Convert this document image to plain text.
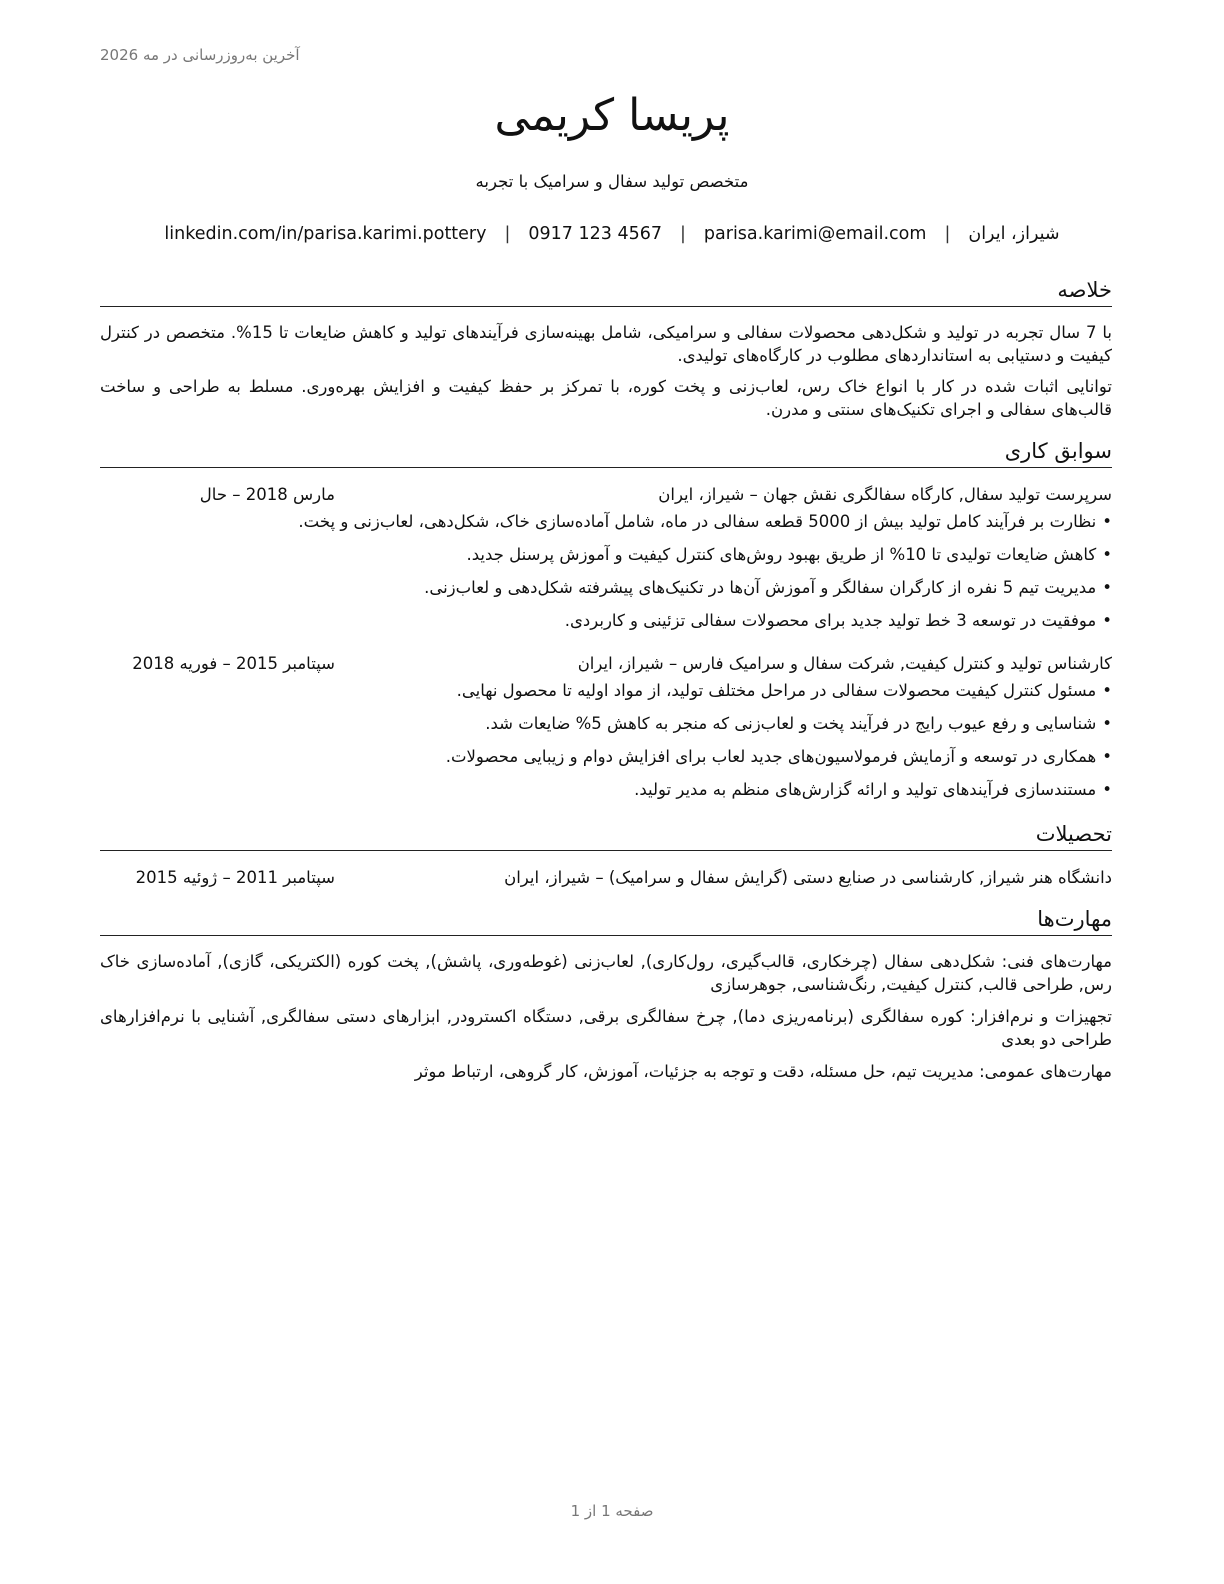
آخرین به‌روزرسانی در مه 2026
پریسا کریمی
متخصص تولید سفال و سرامیک با تجربه
شیراز، ایران
|
parisa.karimi@email.com
|
0917 123 4567
|
linkedin.com/in/parisa.karimi.pottery
خلاصه

با 7 سال تجربه در تولید و شکل‌دهی محصولات سفالی و سرامیکی، شامل بهینه‌سازی فرآیندهای تولید و کاهش ضایعات تا 15%. متخصص در کنترل کیفیت و دستیابی به استانداردهای مطلوب در کارگاه‌های تولیدی.

توانایی اثبات شده در کار با انواع خاک رس، لعاب‌زنی و پخت کوره، با تمرکز بر حفظ کیفیت و افزایش بهره‌وری. مسلط به طراحی و ساخت قالب‌های سفالی و اجرای تکنیک‌های سنتی و مدرن.

سوابق کاری
سرپرست تولید سفال, کارگاه سفالگری نقش جهان – شیراز، ایران
مارس 2018 – حال
•نظارت بر فرآیند کامل تولید بیش از 5000 قطعه سفالی در ماه، شامل آماده‌سازی خاک، شکل‌دهی، لعاب‌زنی و پخت.
•کاهش ضایعات تولیدی تا 10% از طریق بهبود روش‌های کنترل کیفیت و آموزش پرسنل جدید.
•مدیریت تیم 5 نفره از کارگران سفالگر و آموزش آن‌ها در تکنیک‌های پیشرفته شکل‌دهی و لعاب‌زنی.
•موفقیت در توسعه 3 خط تولید جدید برای محصولات سفالی تزئینی و کاربردی.
کارشناس تولید و کنترل کیفیت, شرکت سفال و سرامیک فارس – شیراز، ایران
سپتامبر 2015 – فوریه 2018
•مسئول کنترل کیفیت محصولات سفالی در مراحل مختلف تولید، از مواد اولیه تا محصول نهایی.
•شناسایی و رفع عیوب رایج در فرآیند پخت و لعاب‌زنی که منجر به کاهش 5% ضایعات شد.
•همکاری در توسعه و آزمایش فرمولاسیون‌های جدید لعاب برای افزایش دوام و زیبایی محصولات.
•مستندسازی فرآیندهای تولید و ارائه گزارش‌های منظم به مدیر تولید.
تحصیلات
دانشگاه هنر شیراز, کارشناسی در صنایع دستی (گرایش سفال و سرامیک) – شیراز، ایران
سپتامبر 2011 – ژوئیه 2015
مهارت‌ها

مهارت‌های فنی: شکل‌دهی سفال (چرخکاری، قالب‌گیری، رول‌کاری), لعاب‌زنی (غوطه‌وری، پاشش), پخت کوره (الکتریکی، گازی), آماده‌سازی خاک رس, طراحی قالب, کنترل کیفیت, رنگ‌شناسی, جوهرسازی

تجهیزات و نرم‌افزار: کوره سفالگری (برنامه‌ریزی دما), چرخ سفالگری برقی, دستگاه اکسترودر, ابزارهای دستی سفالگری, آشنایی با نرم‌افزارهای طراحی دو بعدی

مهارت‌های عمومی: مدیریت تیم، حل مسئله، دقت و توجه به جزئیات، آموزش، کار گروهی، ارتباط موثر

صفحه 1 از 1
